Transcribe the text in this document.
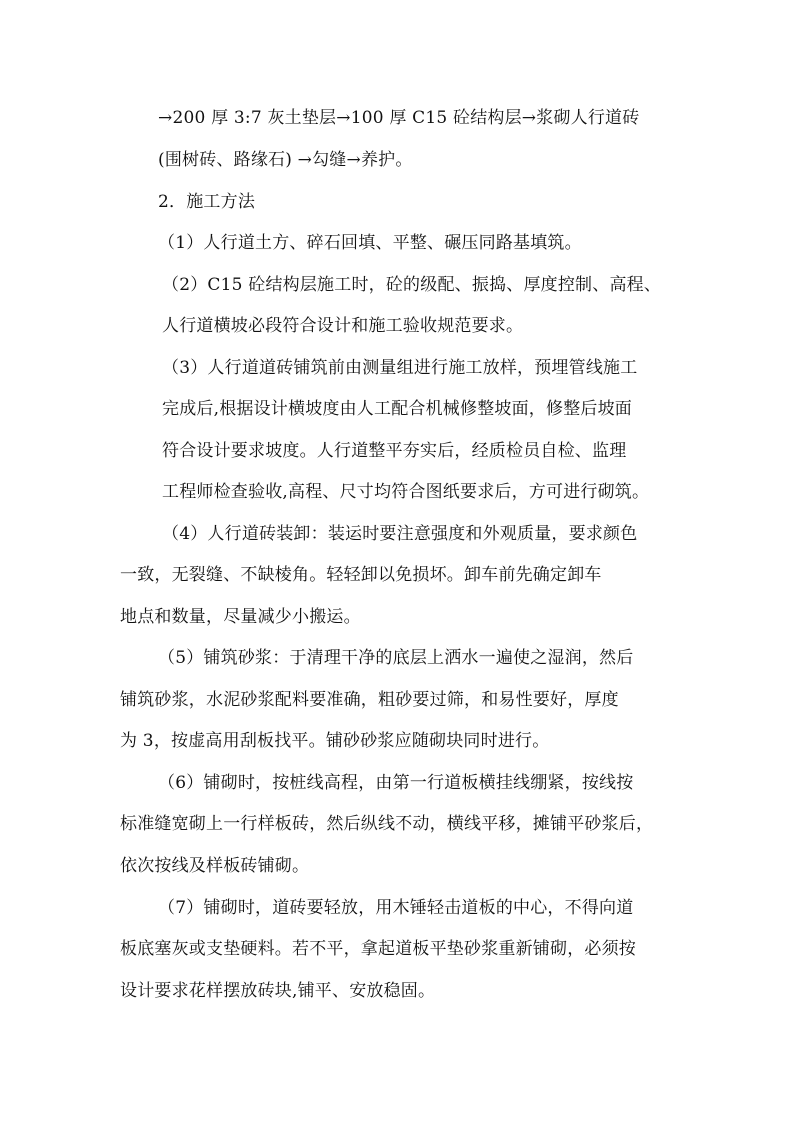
→200 厚 3:7 灰土垫层→100 厚 C15 砼结构层→浆砌人行道砖
(围树砖、路缘石) →勾缝→养护。
2．施工方法
（1）人行道土方、碎石回填、平整、碾压同路基填筑。
（2）C15 砼结构层施工时，砼的级配、振捣、厚度控制、高程、
人行道横坡必段符合设计和施工验收规范要求。
（3）人行道道砖铺筑前由测量组进行施工放样，预埋管线施工
完成后,根据设计横坡度由人工配合机械修整坡面，修整后坡面
符合设计要求坡度。人行道整平夯实后，经质检员自检、监理
工程师检查验收,高程、尺寸均符合图纸要求后，方可进行砌筑。
（4）人行道砖装卸：装运时要注意强度和外观质量，要求颜色
一致，无裂缝、不缺棱角。轻轻卸以免损坏。卸车前先确定卸车
地点和数量，尽量减少小搬运。
（5）铺筑砂浆：于清理干净的底层上洒水一遍使之湿润，然后
铺筑砂浆，水泥砂浆配料要准确，粗砂要过筛，和易性要好，厚度
为 3，按虚高用刮板找平。铺砂砂浆应随砌块同时进行。
（6）铺砌时，按桩线高程，由第一行道板横挂线绷紧，按线按
标准缝宽砌上一行样板砖，然后纵线不动，横线平移，摊铺平砂浆后，
依次按线及样板砖铺砌。
（7）铺砌时，道砖要轻放，用木锤轻击道板的中心，不得向道
板底塞灰或支垫硬料。若不平，拿起道板平垫砂浆重新铺砌，必须按
设计要求花样摆放砖块,铺平、安放稳固。
